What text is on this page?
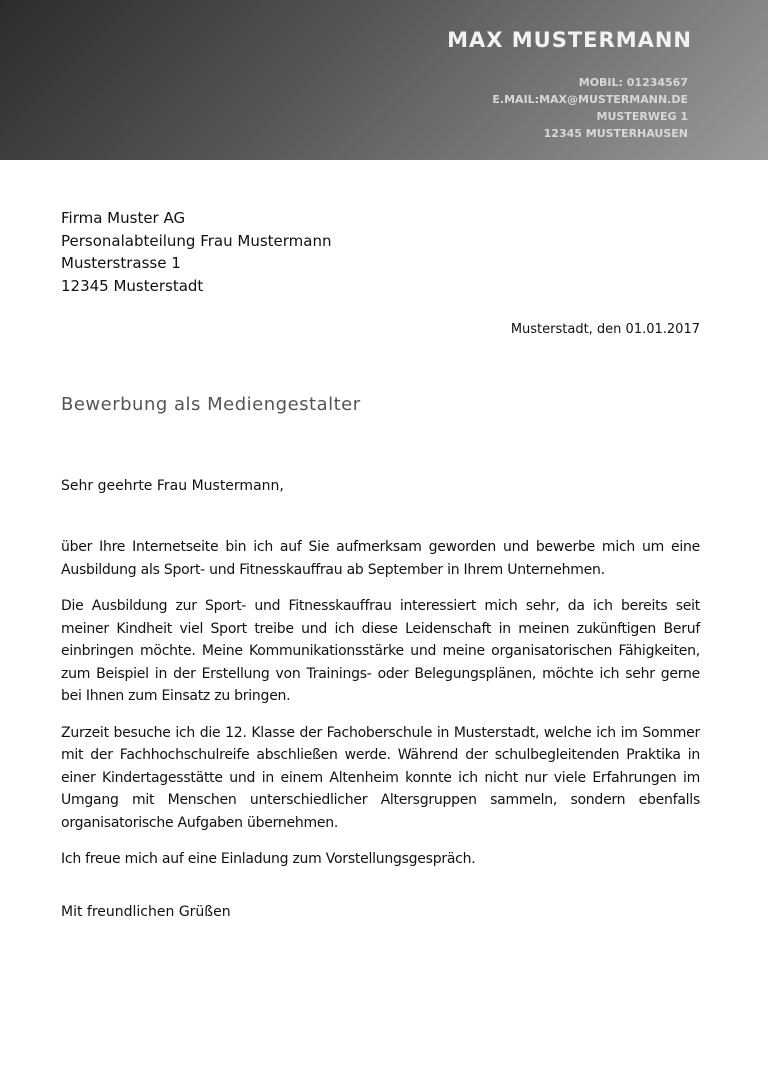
MAX MUSTERMANN
MOBIL: 01234567
E.MAIL:MAX@MUSTERMANN.DE
MUSTERWEG 1
12345 MUSTERHAUSEN
Firma Muster AG
Personalabteilung Frau Mustermann
Musterstrasse 1
12345 Musterstadt
Musterstadt, den 01.01.2017
Bewerbung als Mediengestalter
Sehr geehrte Frau Mustermann,

über Ihre Internetseite bin ich auf Sie aufmerksam geworden und bewerbe mich um eine Ausbildung als Sport- und Fitnesskauffrau ab September in Ihrem Unternehmen.

Die Ausbildung zur Sport- und Fitnesskauffrau interessiert mich sehr, da ich bereits seit meiner Kindheit viel Sport treibe und ich diese Leidenschaft in meinen zukünftigen Beruf einbringen möchte. Meine Kommunikationsstärke und meine organisatorischen Fähigkeiten, zum Beispiel in der Erstellung von Trainings- oder Belegungsplänen, möchte ich sehr gerne bei Ihnen zum Einsatz zu bringen.

Zurzeit besuche ich die 12. Klasse der Fachoberschule in Musterstadt, welche ich im Sommer mit der Fachhochschulreife abschließen werde. Während der schulbegleitenden Praktika in einer Kindertagesstätte und in einem Altenheim konnte ich nicht nur viele Erfahrungen im Umgang mit Menschen unterschiedlicher Altersgruppen sammeln, sondern ebenfalls organisatorische Aufgaben übernehmen.

Ich freue mich auf eine Einladung zum Vorstellungsgespräch.

Mit freundlichen Grüßen
